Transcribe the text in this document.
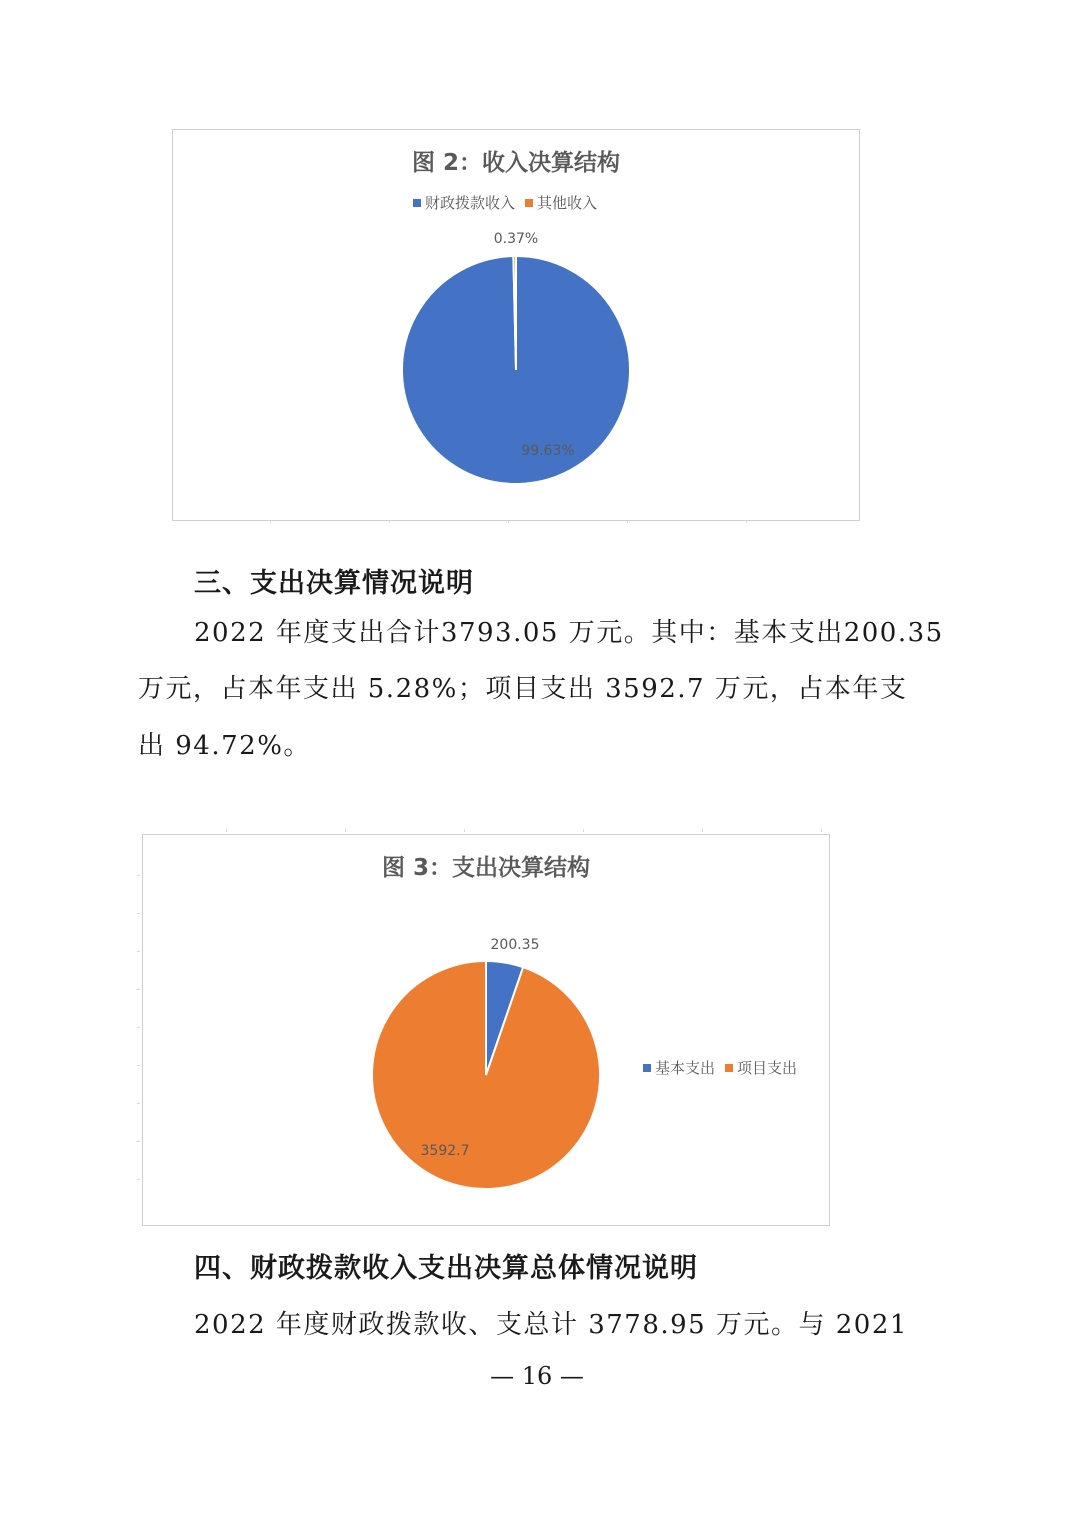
图 2：收入决算结构
财政拨款收入 其他收入
99.63%
0.37%
三、支出决算情况说明
2022 年度支出合计3793.05 万元。其中：基本支出200.35
万元，占本年支出 5.28%；项目支出 3592.7 万元，占本年支
出 94.72%。
图 3：支出决算结构
200.35
3592.7
基本支出 项目支出
四、财政拨款收入支出决算总体情况说明
2022 年度财政拨款收、支总计 3778.95 万元。与 2021
— 16 —
